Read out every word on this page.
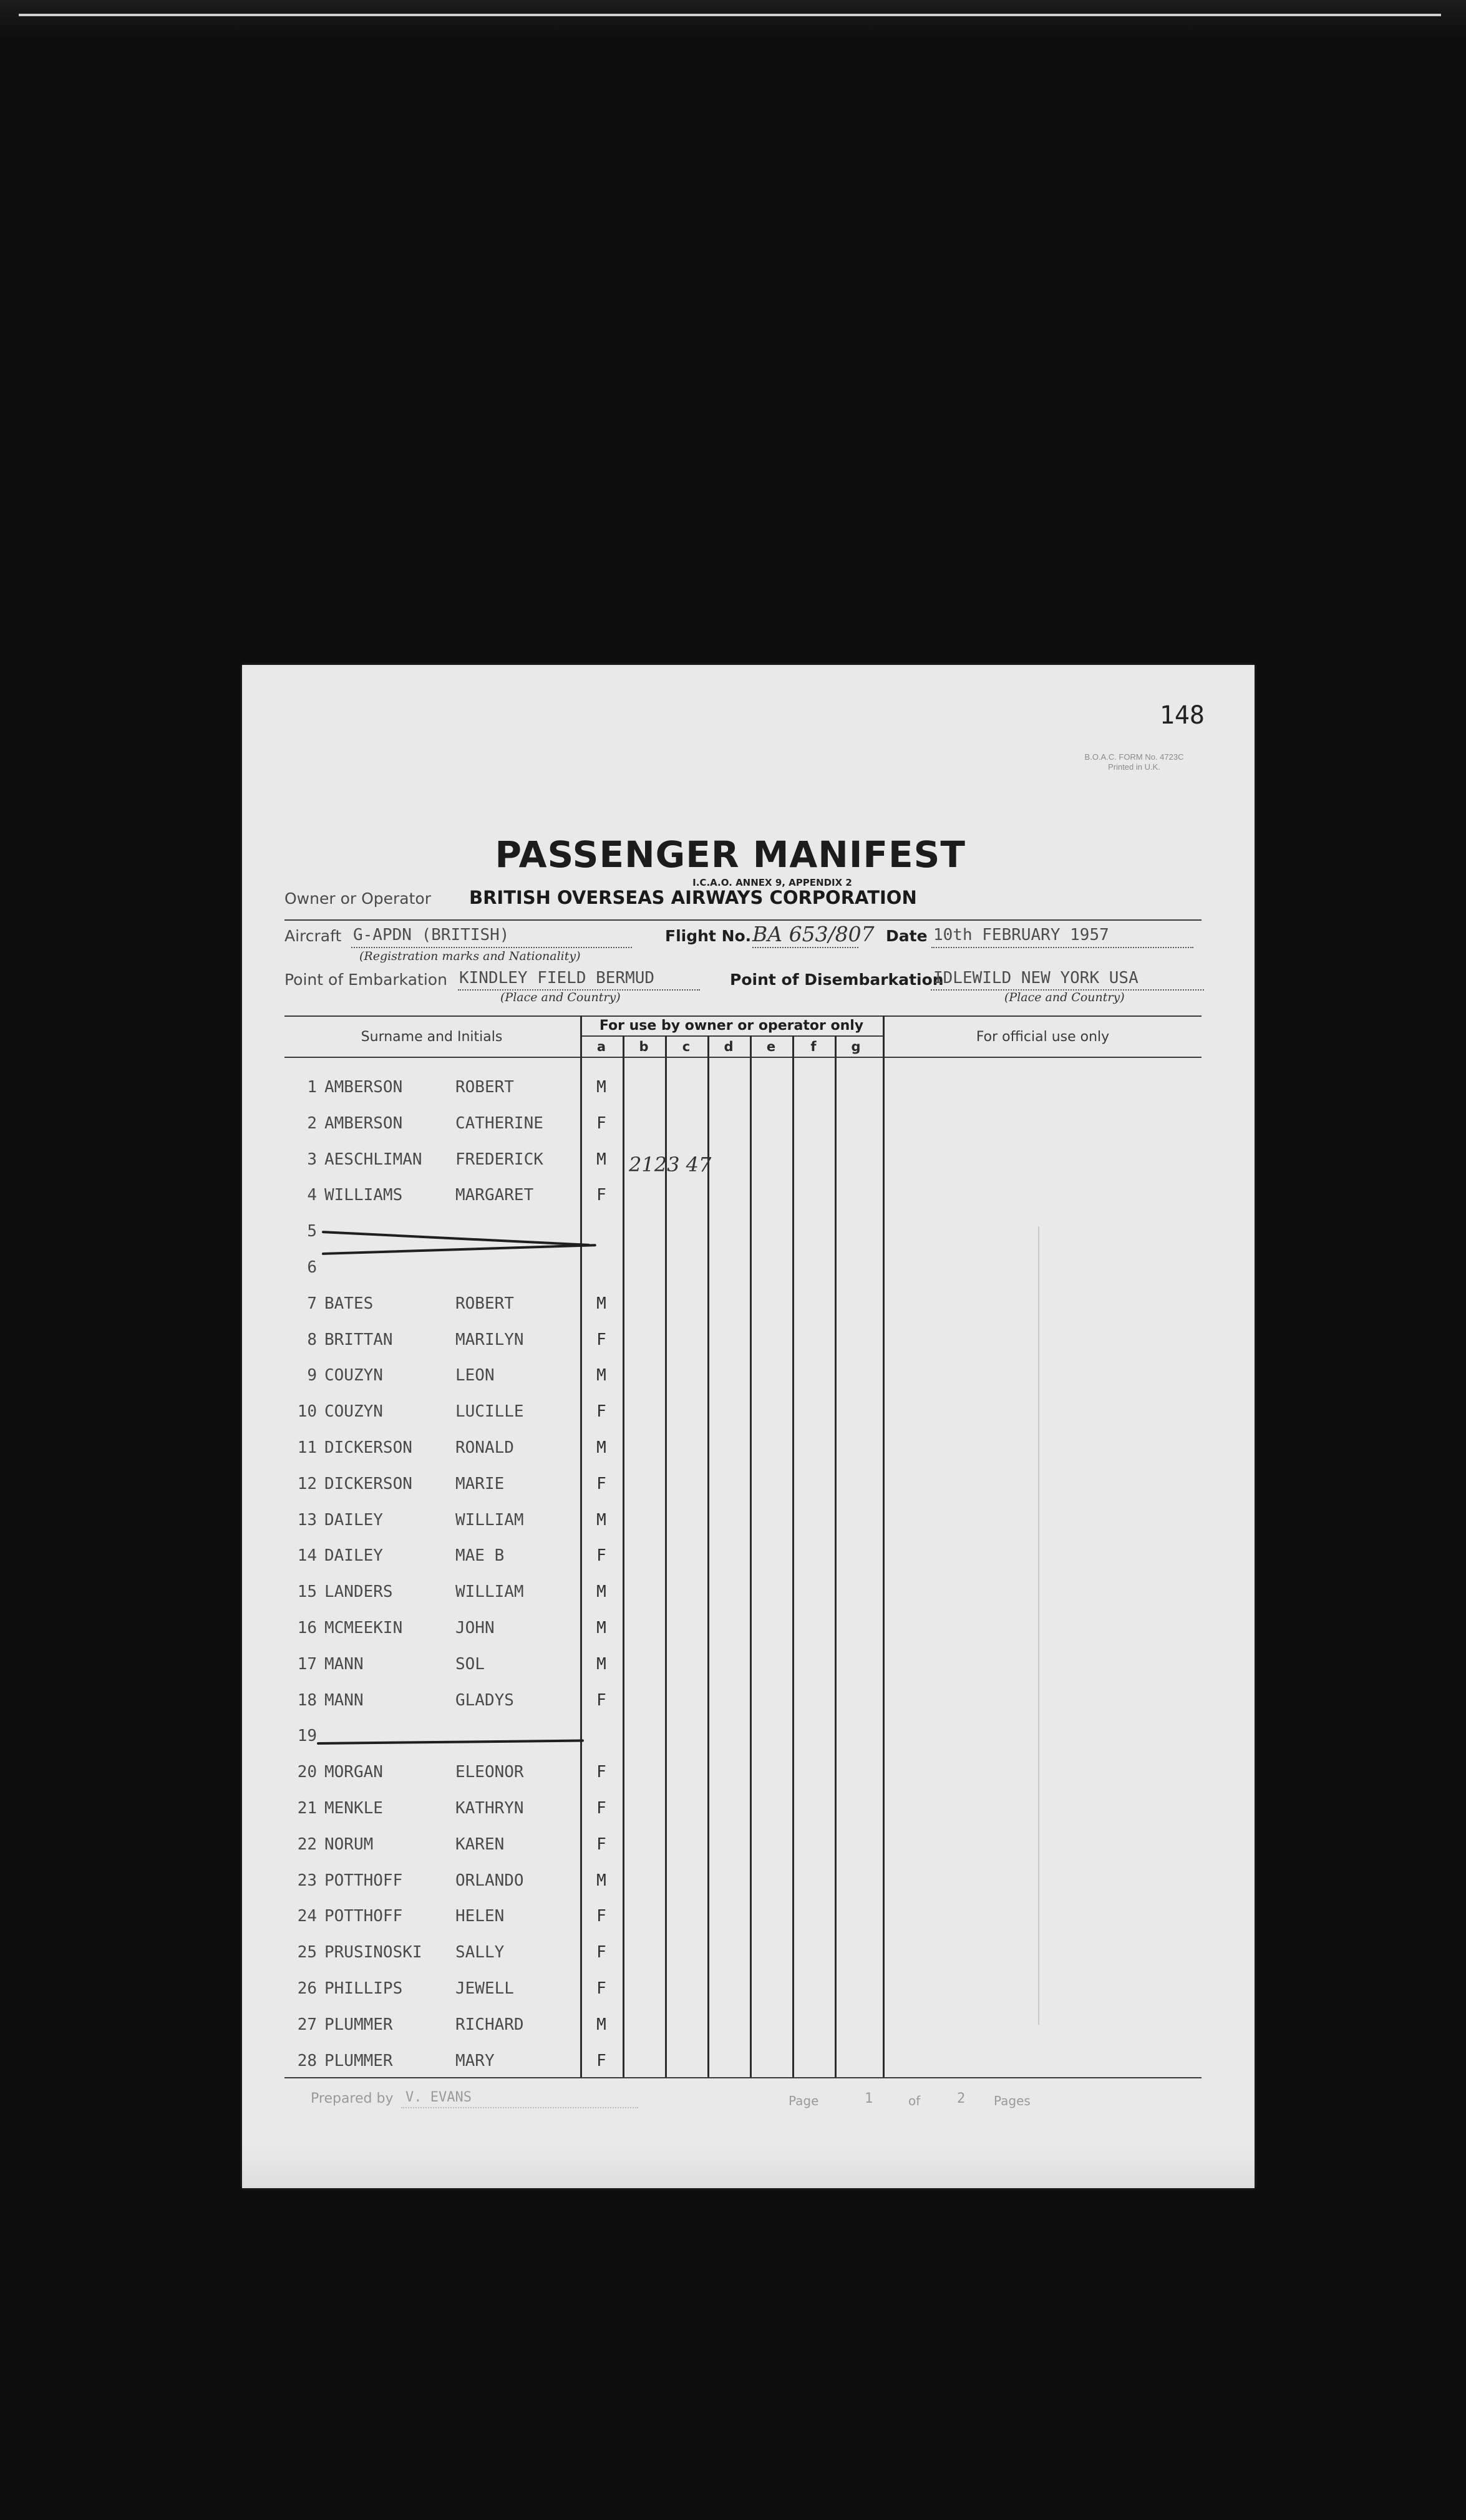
148
B.O.A.C. FORM No. 4723C
Printed in U.K.
PASSENGER MANIFEST
I.C.A.O. ANNEX 9, APPENDIX 2
Owner or Operator BRITISH OVERSEAS AIRWAYS CORPORATION
Aircraft G-APDN (BRITISH)
(Registration marks and Nationality)
Flight No. BA 653/807 Date 10th FEBRUARY 1957
Point of Embarkation KINDLEY FIELD BERMUD
(Place and Country)
Point of Disembarkation
IDLEWILD NEW YORK USA
(Place and Country)
Surname and Initials
For use by owner or operator only
For official use only
a	b	c	d	e	f	g
1 AMBERSON	ROBERT	M
2 AMBERSON	CATHERINE	F
3 AESCHLIMAN FREDERICK	M
4 WILLIAMS	MARGARET	F
5
6
7 BATES	ROBERT	M
8 BRITTAN	MARILYN	F
9 COUZYN	LEON	M
10 COUZYN	LUCILLE	F
11 DICKERSON	RONALD	M
12 DICKERSON	MARIE	F
13 DAILEY	WILLIAM	M
14 DAILEY	MAE B	F
15 LANDERS	WILLIAM	M
16 MCMEEKIN	JOHN	M
17 MANN	SOL	M
18 MANN	GLADYS	F
19
20 MORGAN	ELEONOR	F
21 MENKLE	KATHRYN	F
22 NORUM	KAREN	F
23 POTTHOFF	ORLANDO	M
24 POTTHOFF	HELEN	F
25 PRUSINOSKI SALLY	F
26 PHILLIPS	JEWELL	F
27 PLUMMER	RICHARD	M
28 PLUMMER	MARY	F
2123 47
Prepared by V. EVANS	Page	1	of	2 Pages
